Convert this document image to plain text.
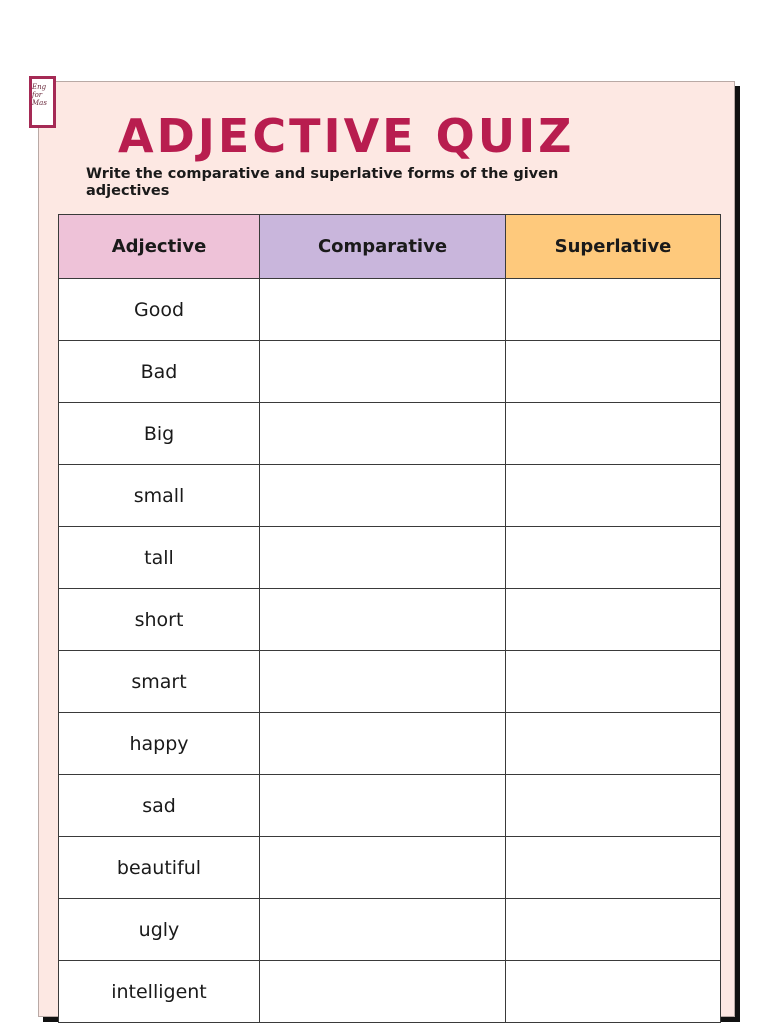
Eng
for
Mas
ADJECTIVE QUIZ

Write the comparative and superlative forms of the given adjectives

Adjective	Comparative	Superlative
Good		
Bad		
Big		
small		
tall		
short		
smart		
happy		
sad		
beautiful		
ugly		
intelligent		
